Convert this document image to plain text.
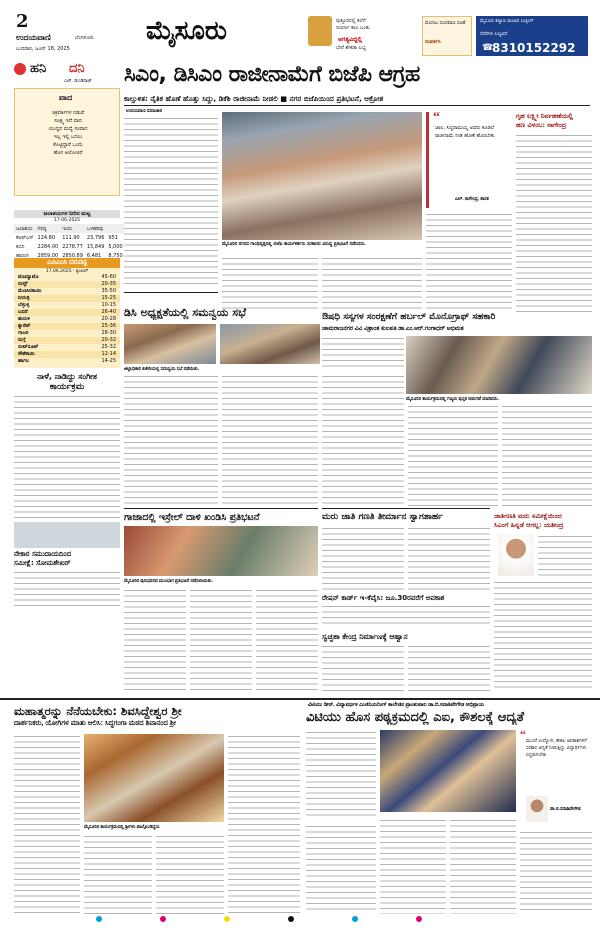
2
ಉದಯವಾಣಿ	ಬೆಂಗಳೂರು
ಬುಧವಾರ, ಜೂನ್ 18, 2025
ಮೈಸೂರು	ಪುತ್ತೂರಿನಲ್ಲಿ ಕಲೆಗೆ
ಸುವರ್ಣ ಕಾಲ ಬಂತು
ಅಗತ್ಯವಿದ್ದಲ್ಲಿ
ಬೇರೆ ಶೇಕಡಾ ಲಭ್ಯ
ಮೊದಲು ದೂರವಾಣಿ ಸಲಹೆ
ಸಂಪರ್ಕಿಸಿ
ಮೈಸೂರು ಕಲ್ಯಾಣ ಮಂಟಪ ಬುಕ್ಕಿಂಗ್
ಸೇವೆಗಳು ಲಭ್ಯವಿದೆ
☎
8310152292
ಹನಿ ದನಿ
ಎಚ್. ಡುಂಡಿರಾಜ್
ವಾದ
ಚಕ್ರವರ್ತಿಗಳ ನಡುವೆ
ಸೂಕ್ಷ್ಮ ಇದೆ ವಾದ
ಯುದ್ಧದ ಮಧ್ಯೆ ಸಂವಾದ
ಇಲ್ಲ ಇಲ್ಲಿ ಬದಲು
ಕೊಟ್ಟಿದ್ದಾರೆ ಒಂದು
ಹೊಸ ಆಲೋಚನೆ
ಜಲಾಶಯಗಳ ನೀರಿನ ಮಟ್ಟ
17-06-2025
ಜಲಾಶಯ	ಗರಿಷ್ಠ	ಇಂದು	ಒಳಹರಿವು	
ಕೆಆರ್‌ಎಸ್	124.80	111.90	23,796	951
ಕಬಿನಿ	2284.00	2278.77	15,849	5,000
ಹಾರಂಗಿ	2859.00	2850.89	6,481	8,750
ಎಪಿಎಂಸಿ ದರಪಟ್ಟಿ
17.06.2025 · ಕ್ವಿಂಟಲ್
ಟೊಮ್ಯಾಟೊ	45-60
ಬೀನ್ಸ್	20-35
ಮೆಣಸಿನಕಾಯಿ	35-50
ನೀರುಳ್ಳಿ	15-25
ಬೆಳ್ಳುಳ್ಳಿ	10-15
ಬದನೆ	26-40
ಹುರುಳಿ	20-28
ಕ್ಯಾರೆಟ್	25-36
ಗಾಜರಿ	28-30
ನುಗ್ಗೆ	20-32
ಬೀಟ್‌ರೂಟ್	25-32
ಸೌತೆಕಾಯಿ	12-14
ಹಾಗಲ	14-25
ನಾಳೆ, ನಾಡಿದ್ದು ಸಂಗೀತ
ಕಾರ್ಯಕ್ರಮ
ನೇಕಾರ ಸಮುದಾಯದಿಂದ
ಸಮೀಕ್ಷೆ: ಸೋಮಶೇಖರ್
ಸಿಎಂ, ಡಿಸಿಎಂ ರಾಜೀನಾಮೆಗೆ ಬಿಜೆಪಿ ಆಗ್ರಹ
ಕಾಲ್ತುಳಿತ: ನೈತಿಕ ಹೊಣೆ ಹೊತ್ತು ಸಿದ್ದು, ಡಿಕೆಶಿ ರಾಜೀನಾಮೆ ನೀಡಲಿ ■ ನಗರ ಬಿಜೆಪಿಯಿಂದ ಪ್ರತಿಭಟನೆ, ಆಕ್ರೋಶ
ಉದಯವಾಣಿ ಸಮಾಚಾರ
ಮೈಸೂರಿನ ನಗರದ ಗಾಂಧಿವೃತ್ತದಲ್ಲಿ ಬಿಜೆಪಿ ಕಾರ್ಯಕರ್ತರು ಸರಕಾರದ ವಿರುದ್ಧ ಪ್ರತಿಭಟನೆ ನಡೆಸಿದರು.
“
ಜಾಲ, ಸಿದ್ದರಾಮಯ್ಯ ಅವರು ಕೂಡಲೆ ರಾಜೀನಾಮೆ ನೀಡಿ ಹೊಣೆ ಹೊರಬೇಕು
ಎಲ್. ನಾಗೇಂದ್ರ, ಶಾಸಕ
ಗೃಹ ಲಕ್ಷ್ಮೀ ನಿರ್ವಹಣೆಯಲ್ಲಿ
ಹಣ ವಿಳಂಬ: ನಾಗೇಂದ್ರ
ಡಿಸಿ ಅಧ್ಯಕ್ಷತೆಯಲ್ಲಿ ಸಮನ್ವಯ ಸಭೆ
ಜಿಲ್ಲಾಧಿಕಾರಿ ಕಚೇರಿಯಲ್ಲಿ ಸಮನ್ವಯ ಸಭೆ ನಡೆಯಿತು.
ಔಷಧಿ ಸಸ್ಯಗಳ ಸಂರಕ್ಷಣೆಗೆ ಹರ್ಬಲ್ ಮೊನೊಗ್ರಾಫ್ ಸಹಕಾರಿ
ಚಾಮರಾಜನಗರ ವಿವಿ ವಿಶ್ರಾಂತ ಕುಲಪತಿ ಡಾ.ಎಂ.ಆರ್.ಗಂಗಾಧರ್ ಅಭಿಮತ
ಮೈಸೂರಿನ ಕಾರ್ಯಕ್ರಮದಲ್ಲಿ ಗಣ್ಯರು ಪುಸ್ತಕ ಬಿಡುಗಡೆ ಮಾಡಿದರು.
ಗಾಜಾದಲ್ಲಿ ಇಸ್ರೇಲ್ ದಾಳಿ ಖಂಡಿಸಿ ಪ್ರತಿಭಟನೆ
ಮೈಸೂರಿನ ಪುರಭವನದ ಮುಂಭಾಗ ಪ್ರತಿಭಟನೆ ನಡೆಸಲಾಯಿತು.
ಮರು ಜಾತಿ ಗಣತಿ ತೀರ್ಮಾನ ಸ್ವಾಗತಾರ್ಹ
ರೇಷನ್ ಕಾರ್ಡ್ ಇ-ಕೆವೈಸಿ: ಜೂ.30ರವರೆಗೆ ಅವಕಾಶ
ಸ್ವಚ್ಛತಾ ಕೇಂದ್ರ ನಿರ್ಮಾಣಕ್ಕೆ ಆಹ್ವಾನ
ಜಾತಿಗಣತಿ ಮರು ಸಮೀಕ್ಷೆಯಿಂದ
ಸಿಎಂಗೆ ಹಿನ್ನಡೆ ಆಗಲ್ಲ: ಯತೀಂದ್ರ
ಮಹಾತ್ಮರನ್ನು ನೆನೆಯಬೇಕು: ಶಿವಸಿದ್ದೇಶ್ವರ ಶ್ರೀ
ದಾರ್ಶನಿಕರು, ಯೋಗಿಗಳ ಮಾತು ಆಲಿಸಿ: ಸಿದ್ಧಗಂಗಾ ಮಠದ ಶಿವಾನಂದ ಶ್ರೀ
ಮೈಸೂರಿನ ಕಾರ್ಯಕ್ರಮದಲ್ಲಿ ಶ್ರೀಗಳು ಪಾಲ್ಗೊಂಡಿದ್ದರು.
ವಿಟಿಯು ಡೀನ್, ವಿದ್ಯಾವರ್ಧಕ ಎಂಜಿನಿಯರಿಂಗ್ ಕಾಲೇಜಿನ ಪ್ರಾಂಶುಪಾಲ ಡಾ.ಬಿ.ಸದಾಶಿವೇಗೌಡ ಅಭಿಪ್ರಾಯ
ವಿಟಿಯು ಹೊಸ ಪಠ್ಯಕ್ರಮದಲ್ಲಿ ಎಐ, ಕೌಶಲಕ್ಕೆ ಆದ್ಯತೆ
“
ಮುಂದೆ ಉದ್ಯೋಗ, ಕೌಶಲ ಅವಕಾಶಗಳಿಗೆ ಸರಕಾರ ಆದ್ಯತೆ ನೀಡುತ್ತಿದ್ದು ವಿದ್ಯಾರ್ಥಿಗಳು ಸಿದ್ಧರಾಗಬೇಕು
ಡಾ.ಬಿ.ಸದಾಶಿವೇಗೌಡ
